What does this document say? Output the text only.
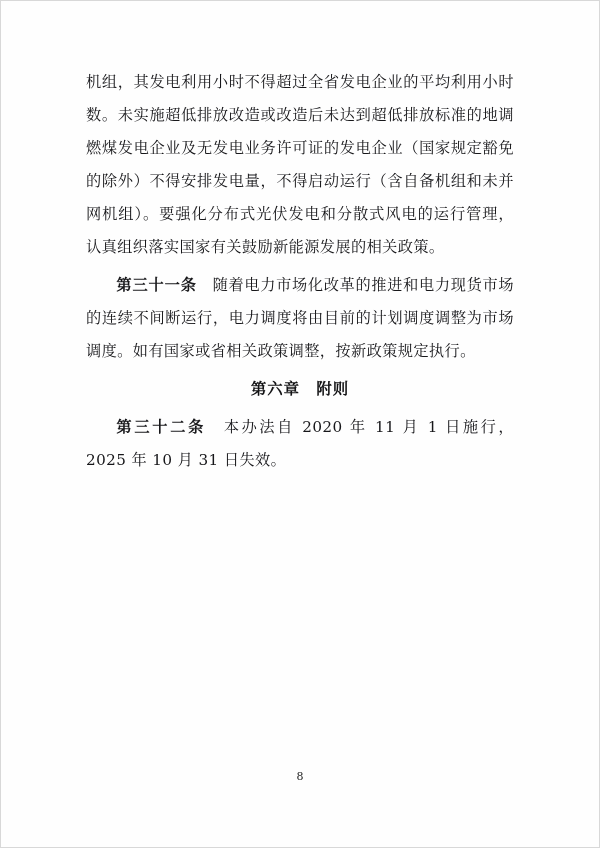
机组，其发电利用小时不得超过全省发电企业的平均利用小时数。未实施超低排放改造或改造后未达到超低排放标准的地调燃煤发电企业及无发电业务许可证的发电企业（国家规定豁免的除外）不得安排发电量，不得启动运行（含自备机组和未并网机组）。要强化分布式光伏发电和分散式风电的运行管理，认真组织落实国家有关鼓励新能源发展的相关政策。

第三十一条　随着电力市场化改革的推进和电力现货市场的连续不间断运行，电力调度将由目前的计划调度调整为市场调度。如有国家或省相关政策调整，按新政策规定执行。

第六章　附则

第三十二条　本办法自 2020 年 11 月 1 日施行， 2025 年 10 月 31 日失效。

8
